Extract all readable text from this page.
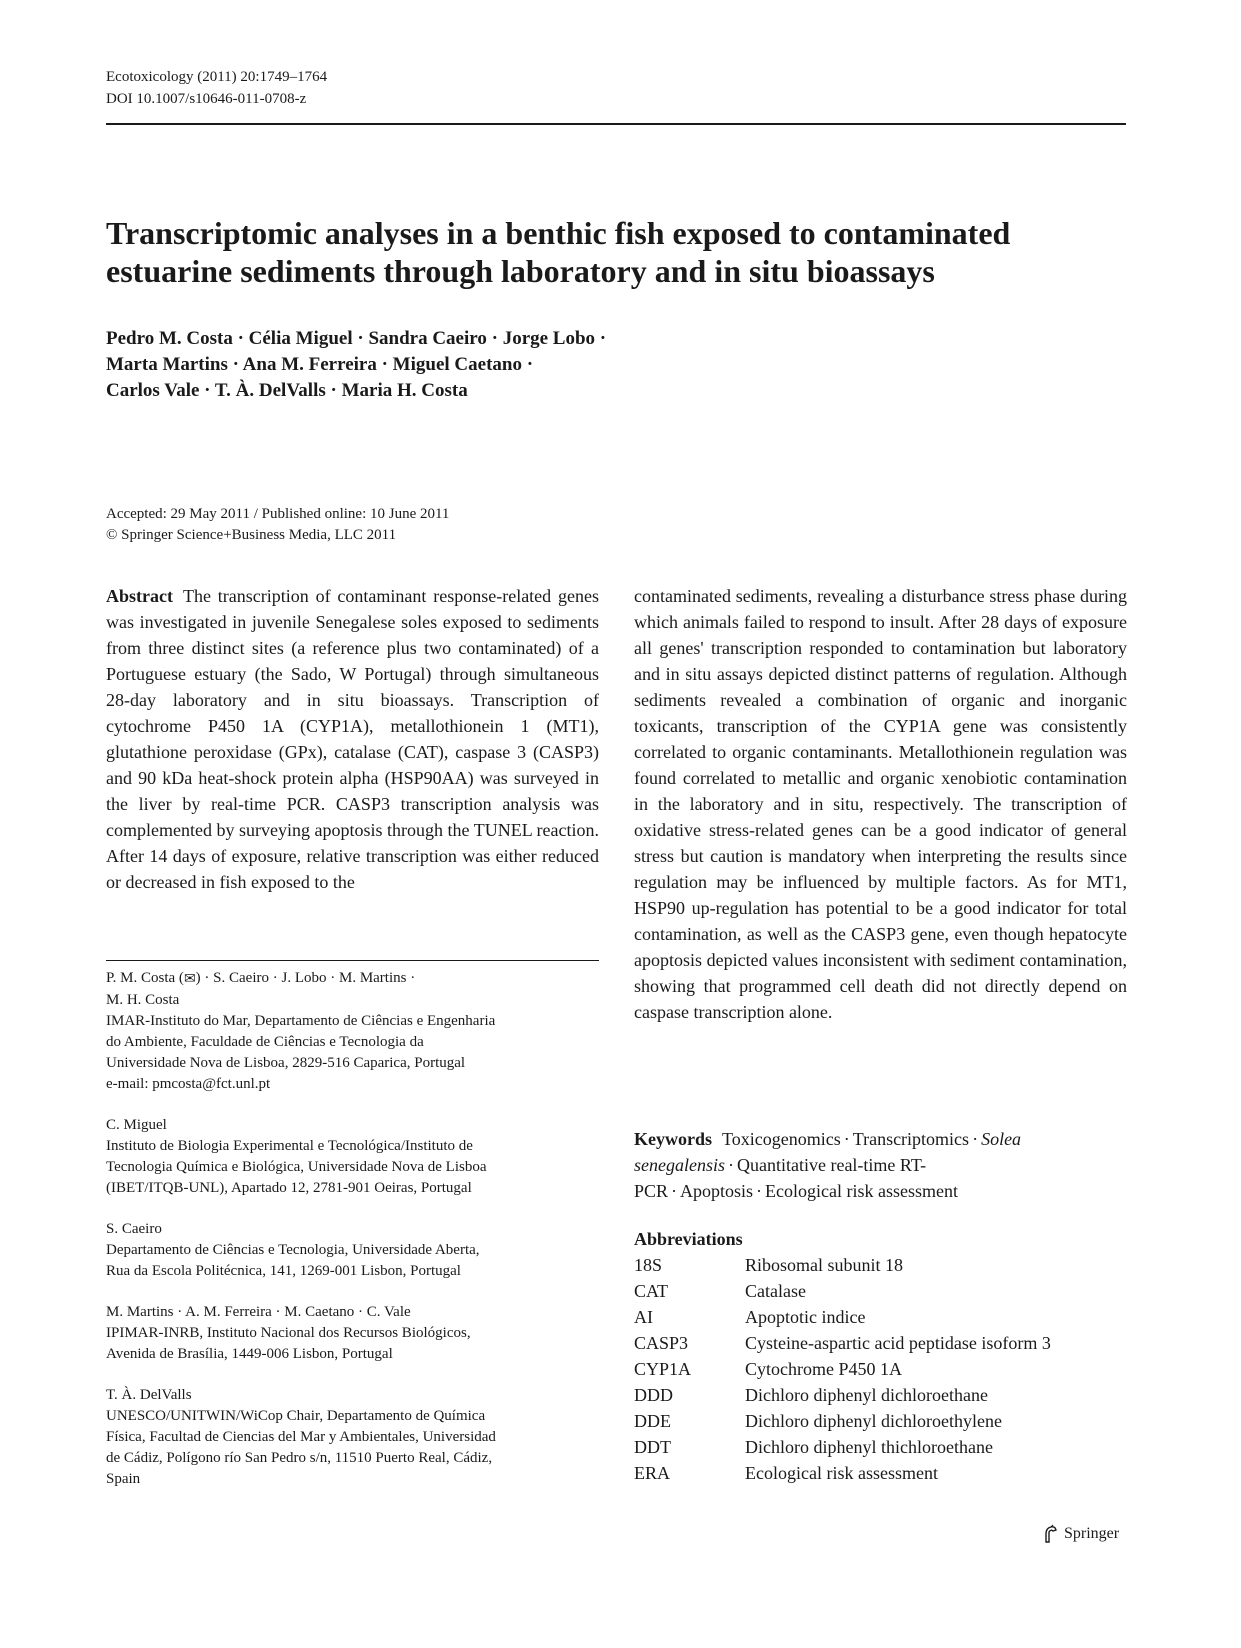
Ecotoxicology (2011) 20:1749–1764
DOI 10.1007/s10646-011-0708-z
Transcriptomic analyses in a benthic fish exposed to contaminated
estuarine sediments through laboratory and in situ bioassays
Pedro M. Costa · Célia Miguel · Sandra Caeiro · Jorge Lobo ·
Marta Martins · Ana M. Ferreira · Miguel Caetano ·
Carlos Vale · T. À. DelValls · Maria H. Costa
Accepted: 29 May 2011 / Published online: 10 June 2011
© Springer Science+Business Media, LLC 2011
Abstract The transcription of contaminant response-related genes was investigated in juvenile Senegalese soles exposed to sediments from three distinct sites (a reference plus two contaminated) of a Portuguese estuary (the Sado, W Portugal) through simultaneous 28-day laboratory and in situ bioassays. Transcription of cytochrome P450 1A (CYP1A), metallothionein 1 (MT1), glutathione peroxidase (GPx), catalase (CAT), caspase 3 (CASP3) and 90 kDa heat-shock protein alpha (HSP90AA) was surveyed in the liver by real-time PCR. CASP3 transcription analysis was complemented by surveying apoptosis through the TUNEL reaction. After 14 days of exposure, relative transcription was either reduced or decreased in fish exposed to the
P. M. Costa (✉) · S. Caeiro · J. Lobo · M. Martins ·
M. H. Costa
IMAR-Instituto do Mar, Departamento de Ciências e Engenharia
do Ambiente, Faculdade de Ciências e Tecnologia da
Universidade Nova de Lisboa, 2829-516 Caparica, Portugal
e-mail: pmcosta@fct.unl.pt
C. Miguel
Instituto de Biologia Experimental e Tecnológica/Instituto de
Tecnologia Química e Biológica, Universidade Nova de Lisboa
(IBET/ITQB-UNL), Apartado 12, 2781-901 Oeiras, Portugal
S. Caeiro
Departamento de Ciências e Tecnologia, Universidade Aberta,
Rua da Escola Politécnica, 141, 1269-001 Lisbon, Portugal
M. Martins · A. M. Ferreira · M. Caetano · C. Vale
IPIMAR-INRB, Instituto Nacional dos Recursos Biológicos,
Avenida de Brasília, 1449-006 Lisbon, Portugal
T. À. DelValls
UNESCO/UNITWIN/WiCop Chair, Departamento de Química
Física, Facultad de Ciencias del Mar y Ambientales, Universidad
de Cádiz, Polígono río San Pedro s/n, 11510 Puerto Real, Cádiz,
Spain
contaminated sediments, revealing a disturbance stress phase during which animals failed to respond to insult. After 28 days of exposure all genes' transcription responded to contamination but laboratory and in situ assays depicted distinct patterns of regulation. Although sediments revealed a combination of organic and inorganic toxicants, transcription of the CYP1A gene was consistently correlated to organic contaminants. Metallothionein regulation was found correlated to metallic and organic xenobiotic contamination in the laboratory and in situ, respectively. The transcription of oxidative stress-related genes can be a good indicator of general stress but caution is mandatory when interpreting the results since regulation may be influenced by multiple factors. As for MT1, HSP90 up-regulation has potential to be a good indicator for total contamination, as well as the CASP3 gene, even though hepatocyte apoptosis depicted values inconsistent with sediment contamination, showing that programmed cell death did not directly depend on caspase transcription alone.
Keywords Toxicogenomics · Transcriptomics · Solea senegalensis · Quantitative real-time RT-PCR · Apoptosis · Ecological risk assessment
Abbreviations
18S	Ribosomal subunit 18
CAT	Catalase
AI	Apoptotic indice
CASP3	Cysteine-aspartic acid peptidase isoform 3
CYP1A	Cytochrome P450 1A
DDD	Dichloro diphenyl dichloroethane
DDE	Dichloro diphenyl dichloroethylene
DDT	Dichloro diphenyl thichloroethane
ERA	Ecological risk assessment
Springer
